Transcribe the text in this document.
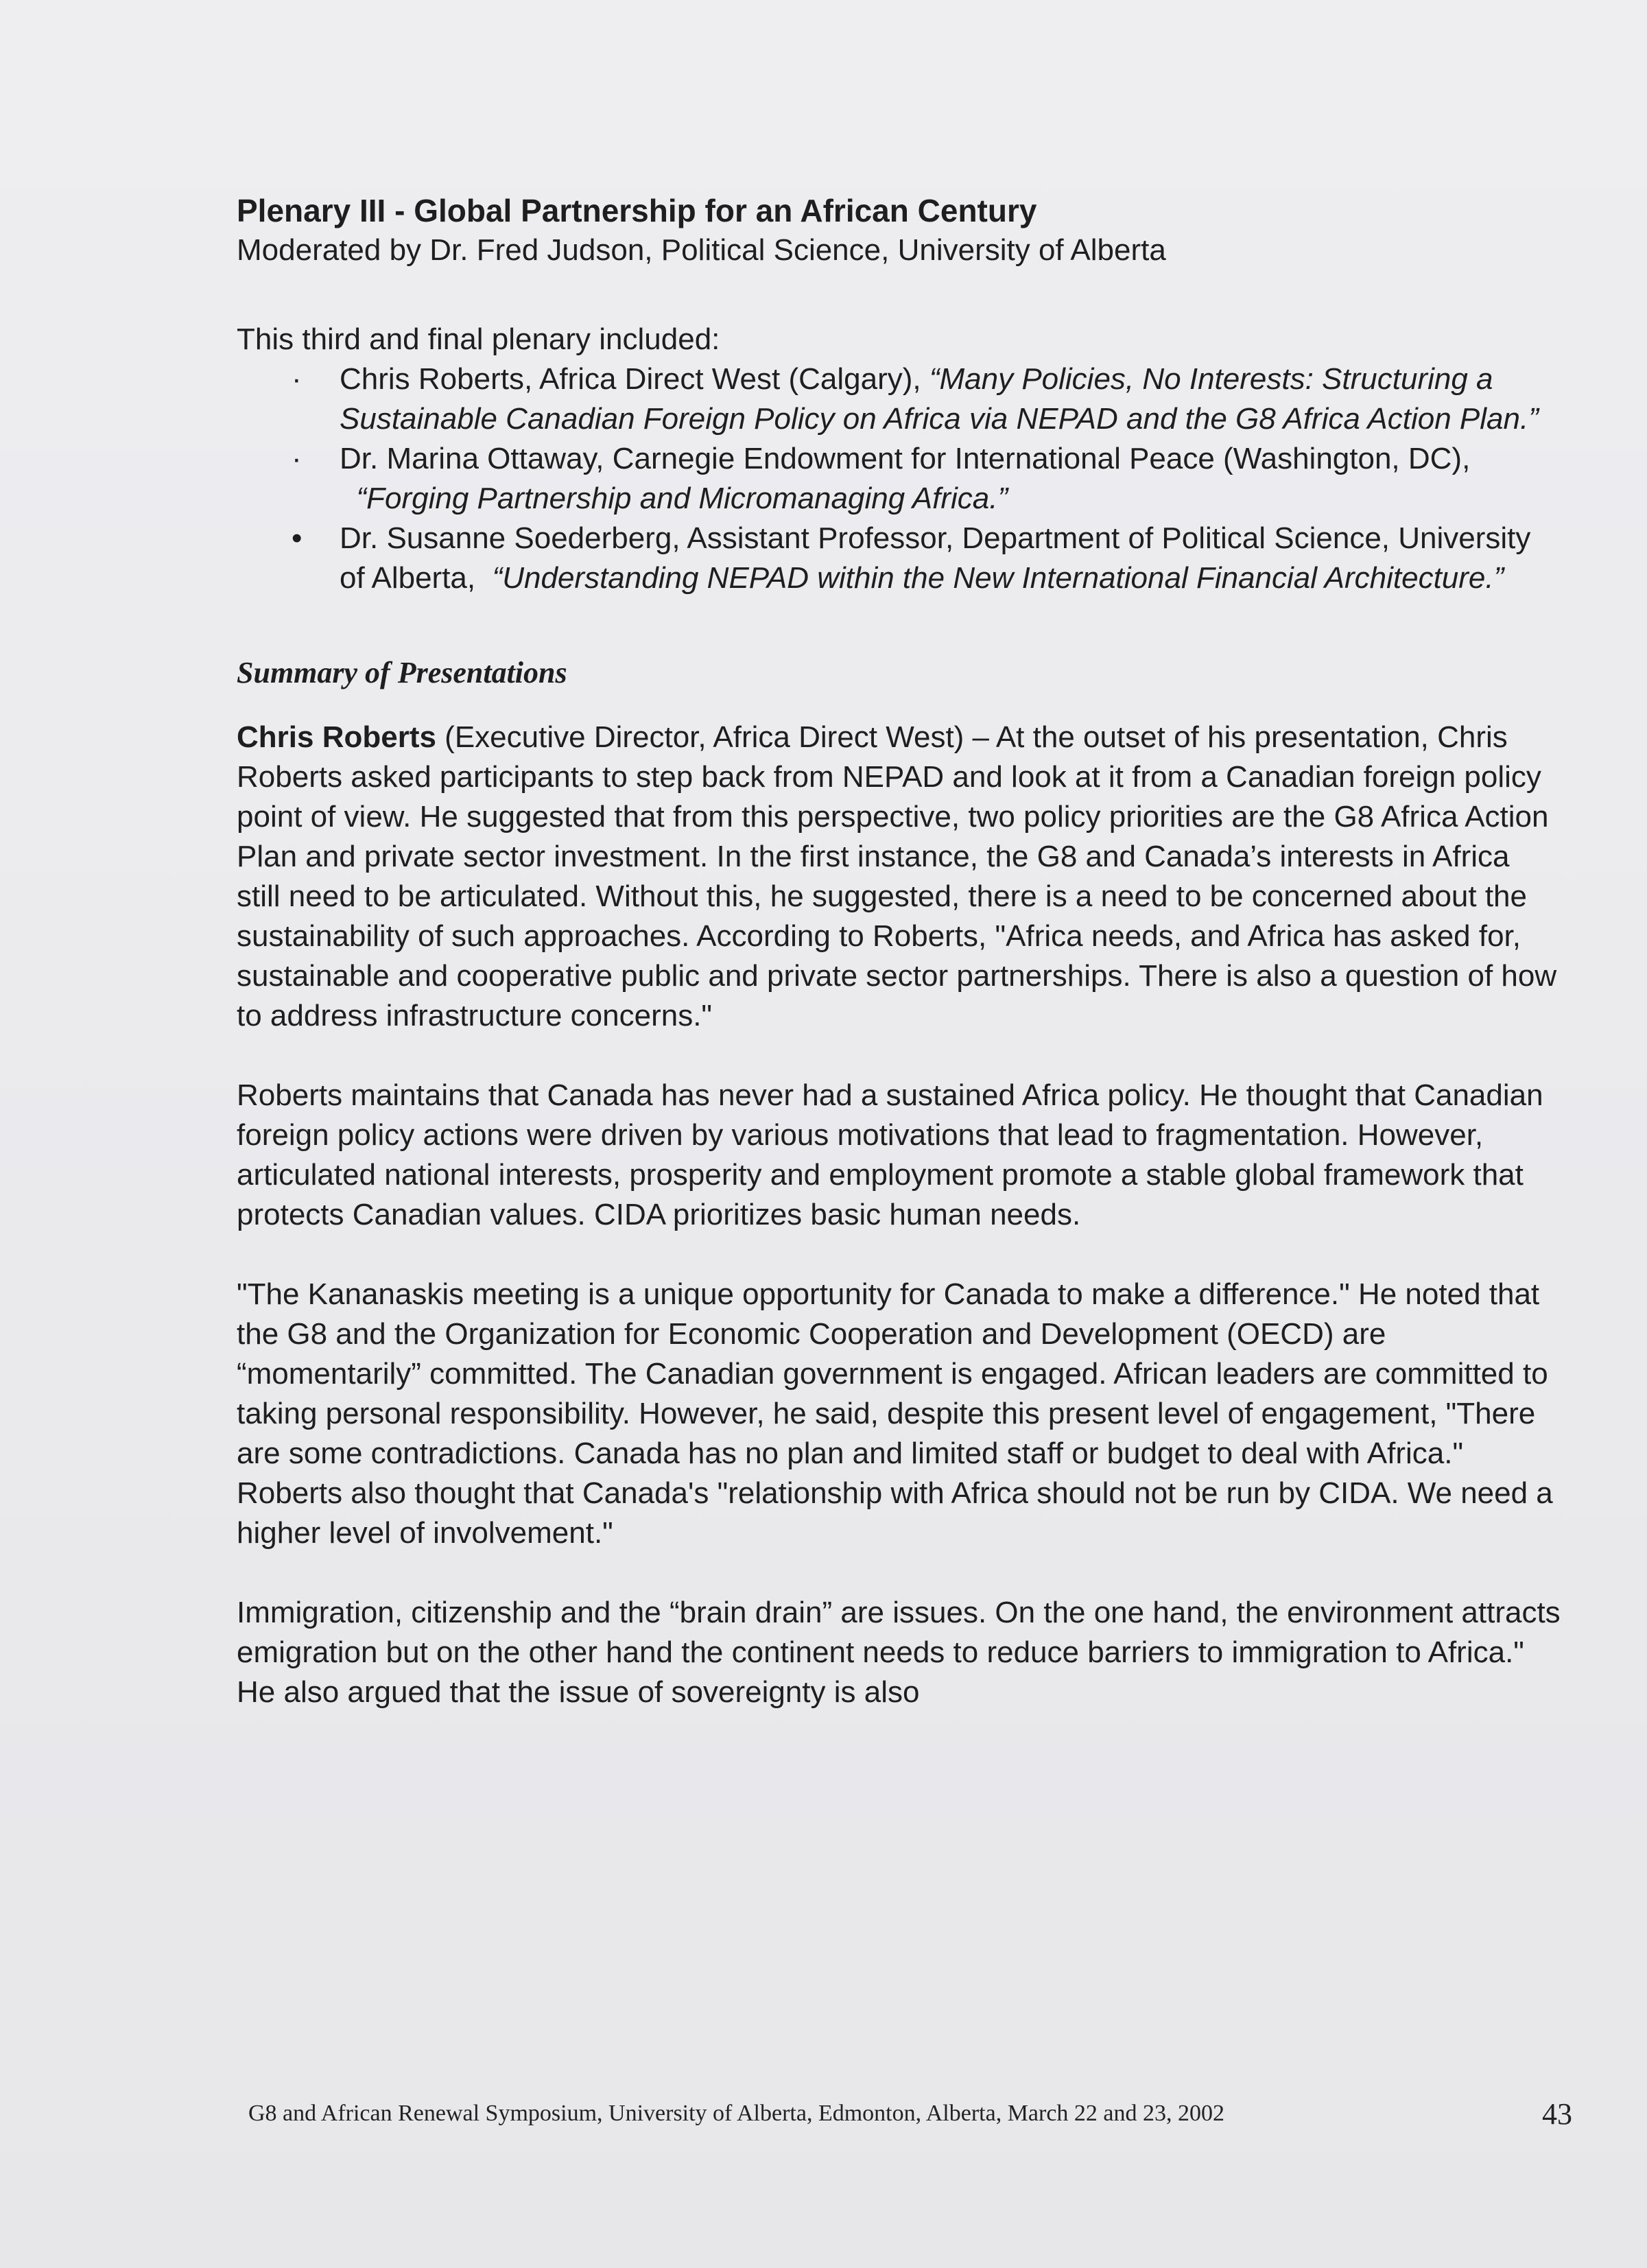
Plenary III - Global Partnership for an African Century

Moderated by Dr. Fred Judson, Political Science, University of Alberta

This third and final plenary included:

· Chris Roberts, Africa Direct West (Calgary), “Many Policies, No Interests: Structuring a Sustainable Canadian Foreign Policy on Africa via NEPAD and the G8 Africa Action Plan.”
· Dr. Marina Ottaway, Carnegie Endowment for International Peace (Washington, DC),  “Forging Partnership and Micromanaging Africa.”
• Dr. Susanne Soederberg, Assistant Professor, Department of Political Science, University of Alberta, “Understanding NEPAD within the New International Financial Architecture.”

Summary of Presentations

Chris Roberts (Executive Director, Africa Direct West) – At the outset of his presentation, Chris Roberts asked participants to step back from NEPAD and look at it from a Canadian foreign policy point of view. He suggested that from this perspective, two policy priorities are the G8 Africa Action Plan and private sector investment. In the first instance, the G8 and Canada’s interests in Africa still need to be articulated. Without this, he suggested, there is a need to be concerned about the sustainability of such approaches. According to Roberts, "Africa needs, and Africa has asked for, sustainable and cooperative public and private sector partnerships. There is also a question of how to address infrastructure concerns."

Roberts maintains that Canada has never had a sustained Africa policy. He thought that Canadian foreign policy actions were driven by various motivations that lead to fragmentation. However, articulated national interests, prosperity and employment promote a stable global framework that protects Canadian values. CIDA prioritizes basic human needs.

"The Kananaskis meeting is a unique opportunity for Canada to make a difference." He noted that the G8 and the Organization for Economic Cooperation and Development (OECD) are “momentarily” committed. The Canadian government is engaged. African leaders are committed to taking personal responsibility. However, he said, despite this present level of engagement, "There are some contradictions. Canada has no plan and limited staff or budget to deal with Africa." Roberts also thought that Canada's "relationship with Africa should not be run by CIDA. We need a higher level of involvement."

Immigration, citizenship and the “brain drain” are issues. On the one hand, the environment attracts emigration but on the other hand the continent needs to reduce barriers to immigration to Africa." He also argued that the issue of sovereignty is also

G8 and African Renewal Symposium, University of Alberta, Edmonton, Alberta, March 22 and 23, 2002	43
